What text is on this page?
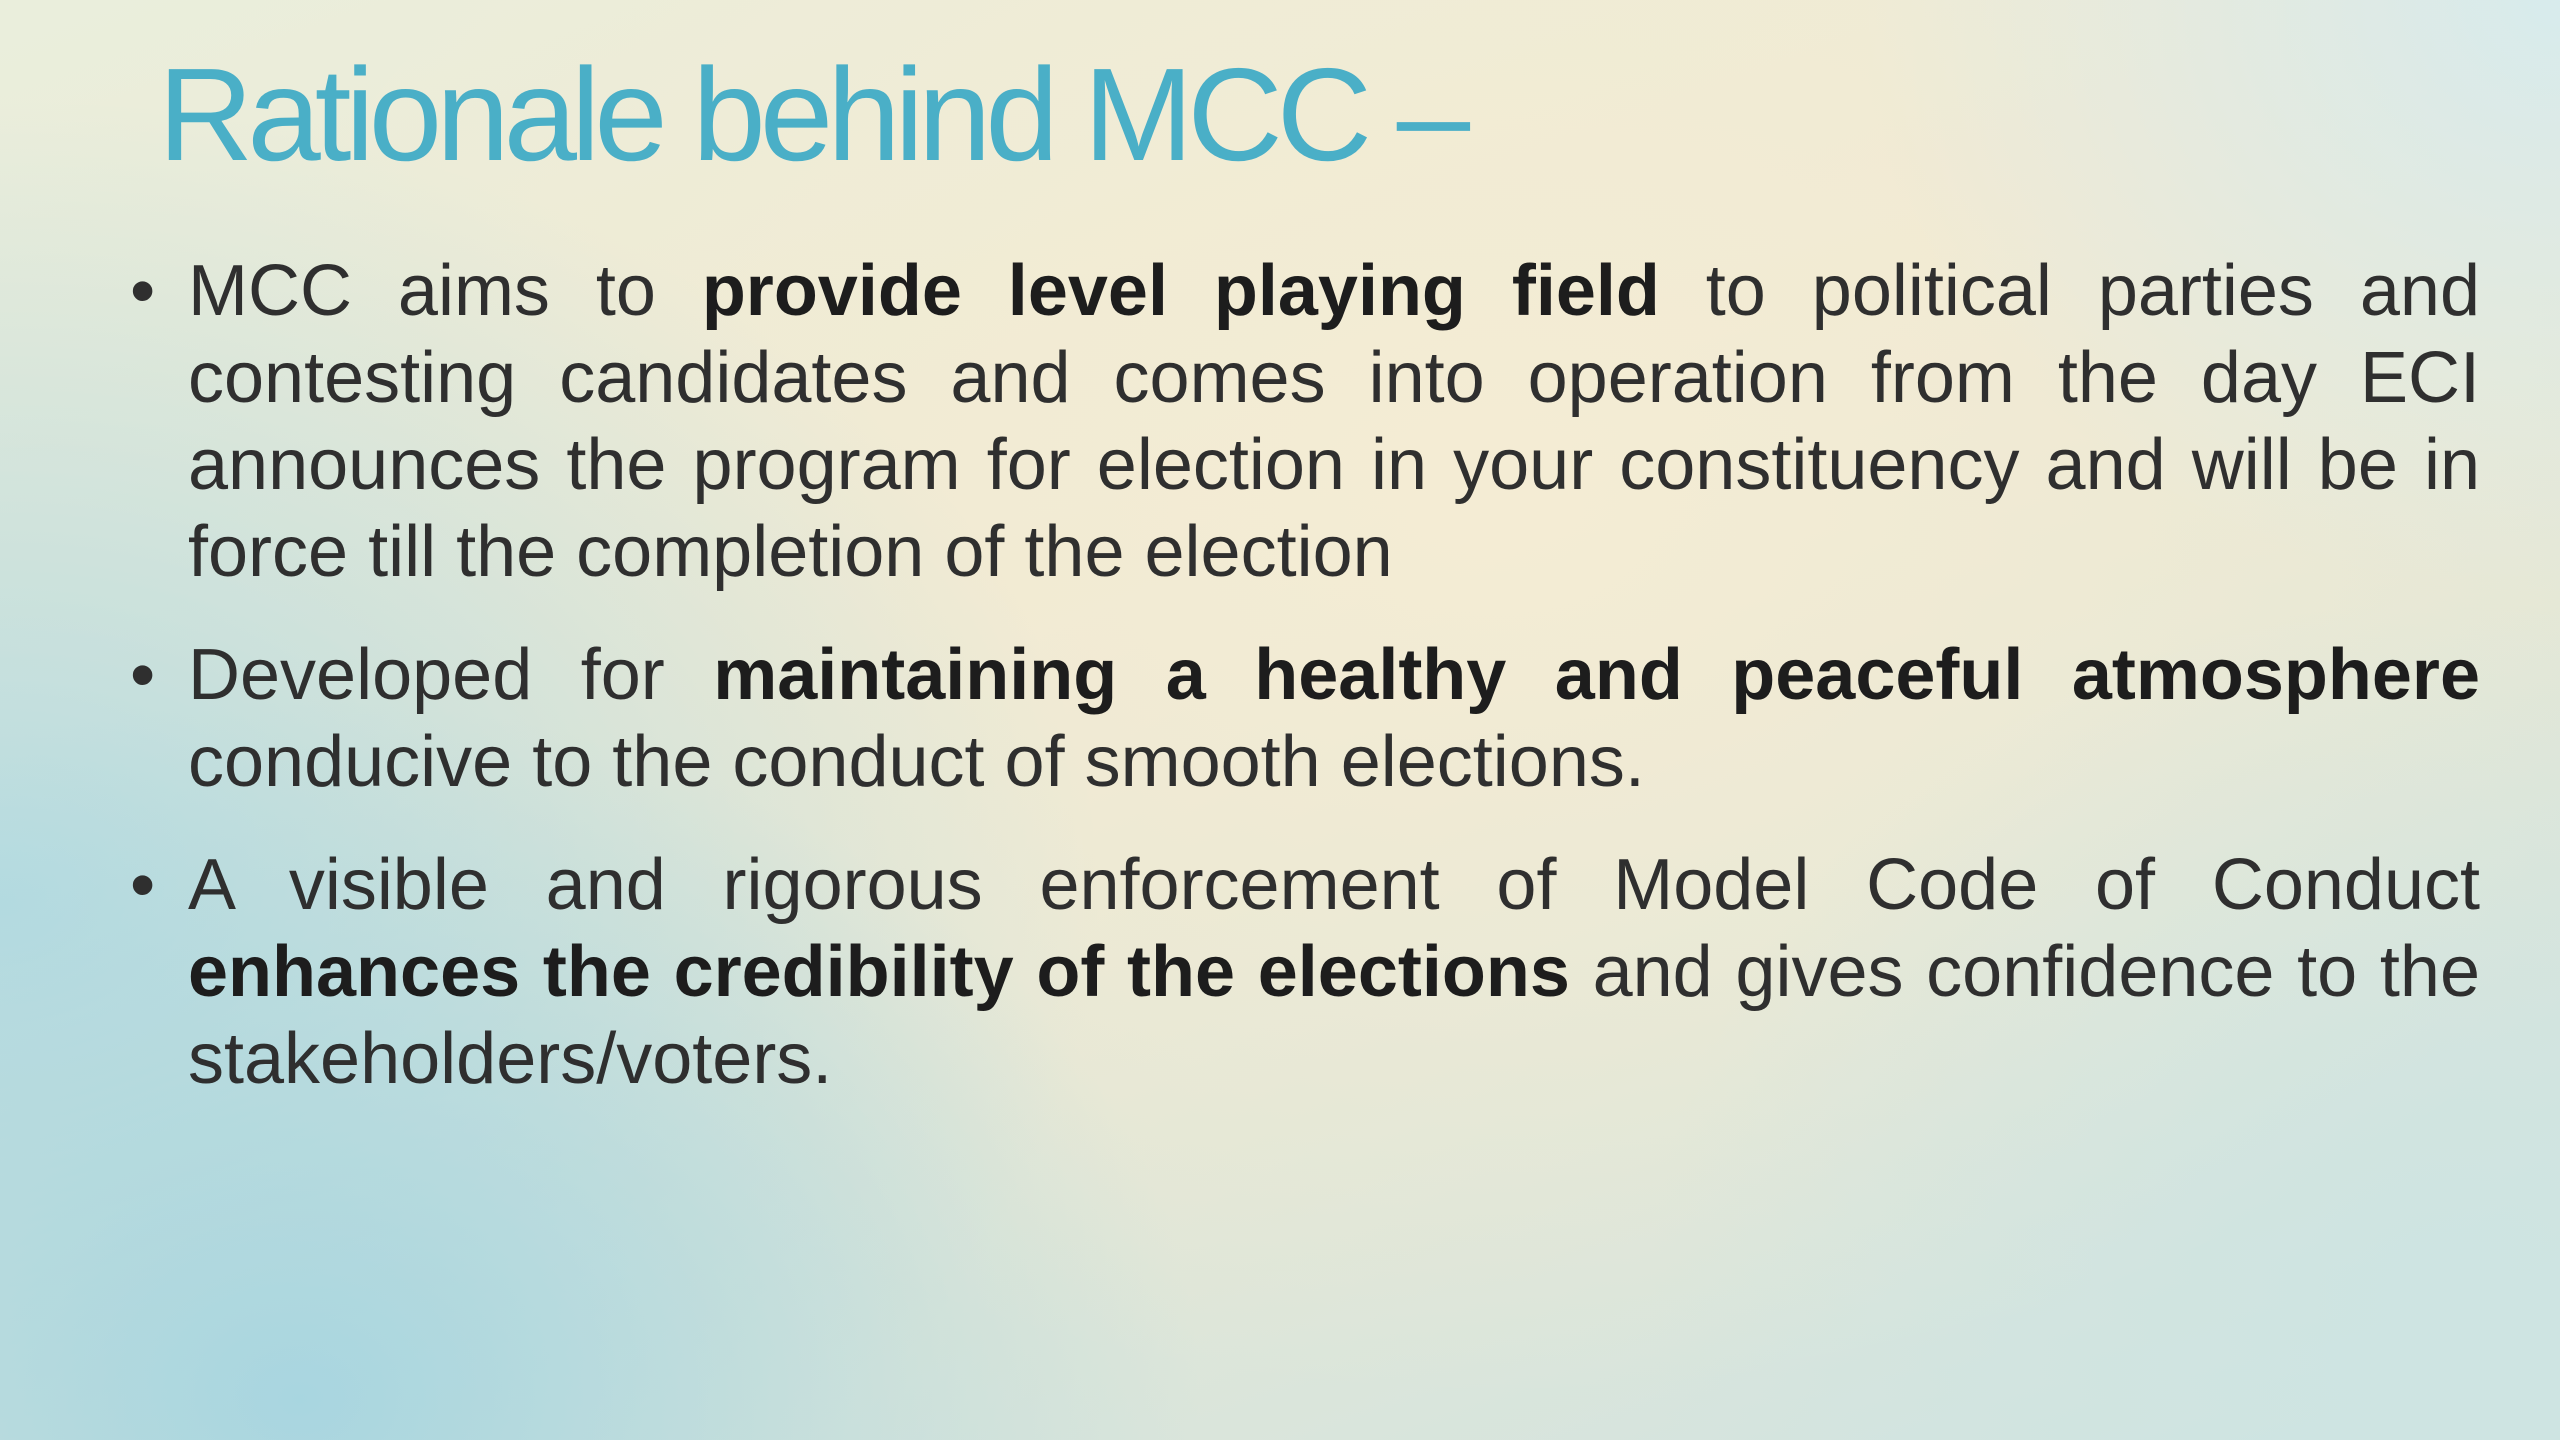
Rationale behind MCC –
• MCC aims to provide level playing field to political parties and contesting candidates and comes into operation from the day ECI announces the program for election in your constituency and will be in force till the completion of the election
• Developed for maintaining a healthy and peaceful atmosphere conducive to the conduct of smooth elections.
• A visible and rigorous enforcement of Model Code of Conduct enhances the credibility of the elections and gives confidence to the stakeholders/voters.
